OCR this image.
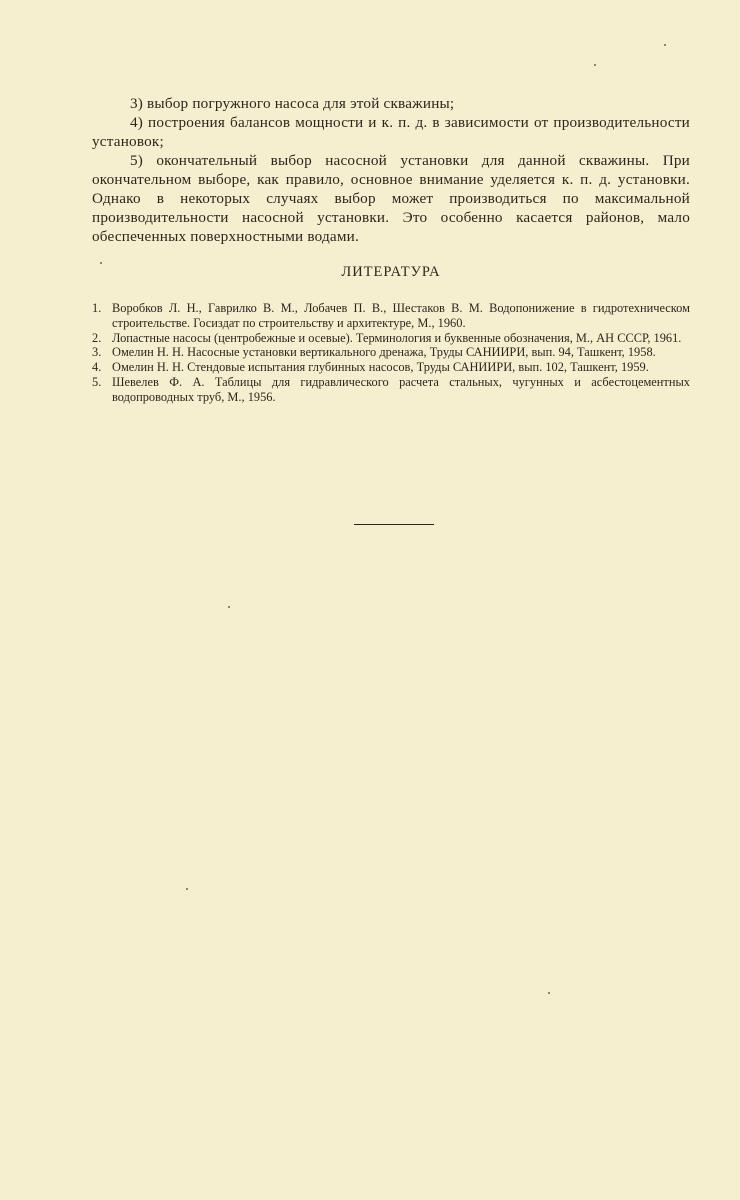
3) выбор погружного насоса для этой скважины;

4) построения балансов мощности и к. п. д. в зависимости от производительности установок;

5) окончательный выбор насосной установки для данной скважины. При окончательном выборе, как правило, основное внимание уделяется к. п. д. установки. Однако в некоторых случаях выбор может производиться по максимальной производительности насосной установки. Это особенно касается районов, мало обеспеченных поверхностными водами.

ЛИТЕРАТУРА
1. Воробков Л. Н., Гаврилко В. М., Лобачев П. В., Шестаков В. М. Водопонижение в гидротехническом строительстве. Госиздат по строительству и архитектуре, М., 1960.
2. Лопастные насосы (центробежные и осевые). Терминология и буквенные обозначения, М., АН СССР, 1961.
3. Омелин Н. Н. Насосные установки вертикального дренажа, Труды САНИИРИ, вып. 94, Ташкент, 1958.
4. Омелин Н. Н. Стендовые испытания глубинных насосов, Труды САНИИРИ, вып. 102, Ташкент, 1959.
5. Шевелев Ф. А. Таблицы для гидравлического расчета стальных, чугунных и асбестоцементных водопроводных труб, М., 1956.
